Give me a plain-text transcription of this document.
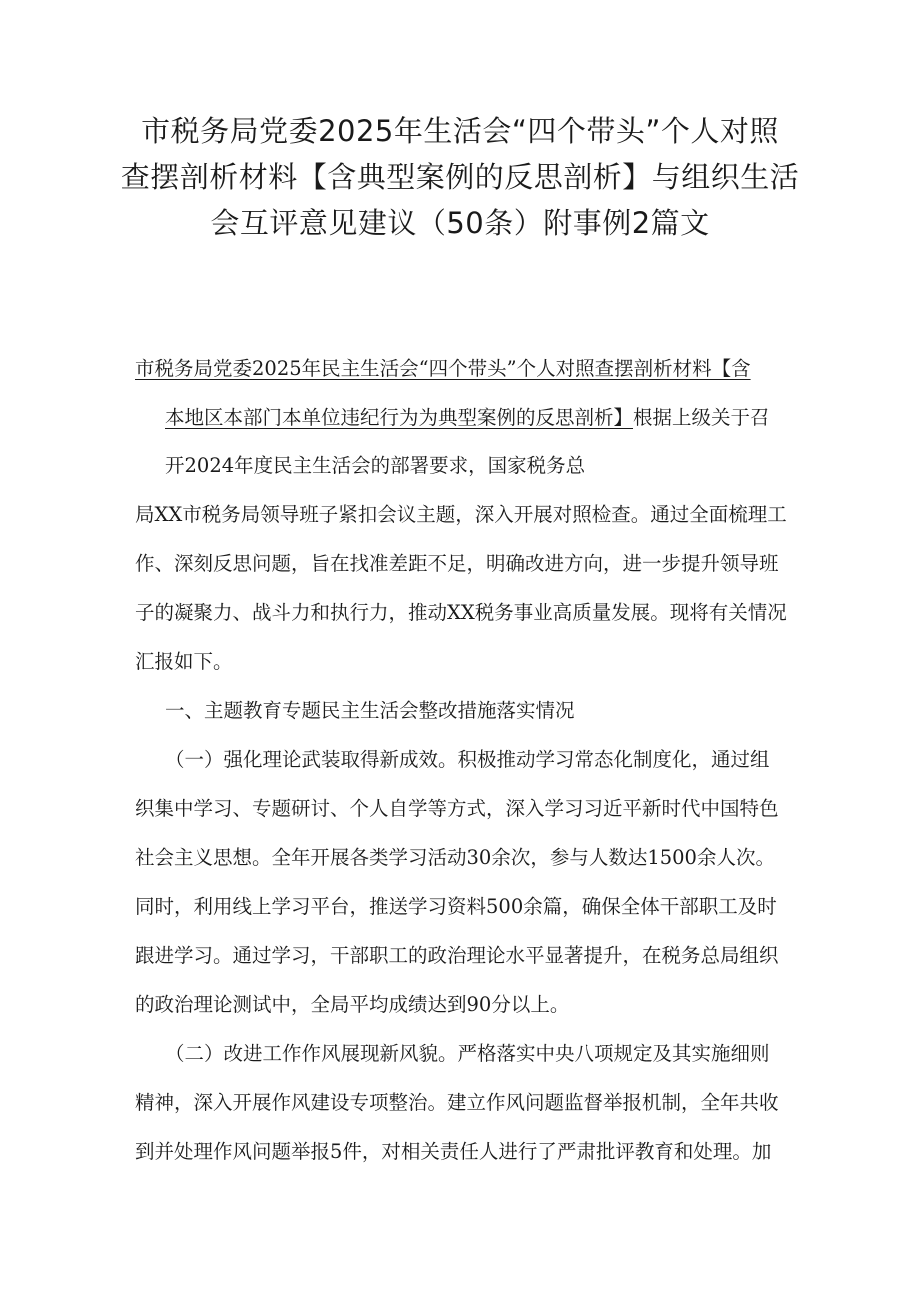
市税务局党委2025年生活会“四个带头”个人对照
查摆剖析材料【含典型案例的反思剖析】与组织生活
会互评意见建议（50条）附事例2篇文
市税务局党委2025年民主生活会“四个带头”个人对照查摆剖析材料【含
本地区本部门本单位违纪行为为典型案例的反思剖析】根据上级关于召
开2024年度民主生活会的部署要求，国家税务总
局XX市税务局领导班子紧扣会议主题，深入开展对照检查。通过全面梳理工
作、深刻反思问题，旨在找准差距不足，明确改进方向，进一步提升领导班
子的凝聚力、战斗力和执行力，推动XX税务事业高质量发展。现将有关情况
汇报如下。
一、主题教育专题民主生活会整改措施落实情况
（一）强化理论武装取得新成效。积极推动学习常态化制度化，通过组
织集中学习、专题研讨、个人自学等方式，深入学习习近平新时代中国特色
社会主义思想。全年开展各类学习活动30余次，参与人数达1500余人次。
同时，利用线上学习平台，推送学习资料500余篇，确保全体干部职工及时
跟进学习。通过学习，干部职工的政治理论水平显著提升，在税务总局组织
的政治理论测试中，全局平均成绩达到90分以上。
（二）改进工作作风展现新风貌。严格落实中央八项规定及其实施细则
精神，深入开展作风建设专项整治。建立作风问题监督举报机制，全年共收
到并处理作风问题举报5件，对相关责任人进行了严肃批评教育和处理。加
